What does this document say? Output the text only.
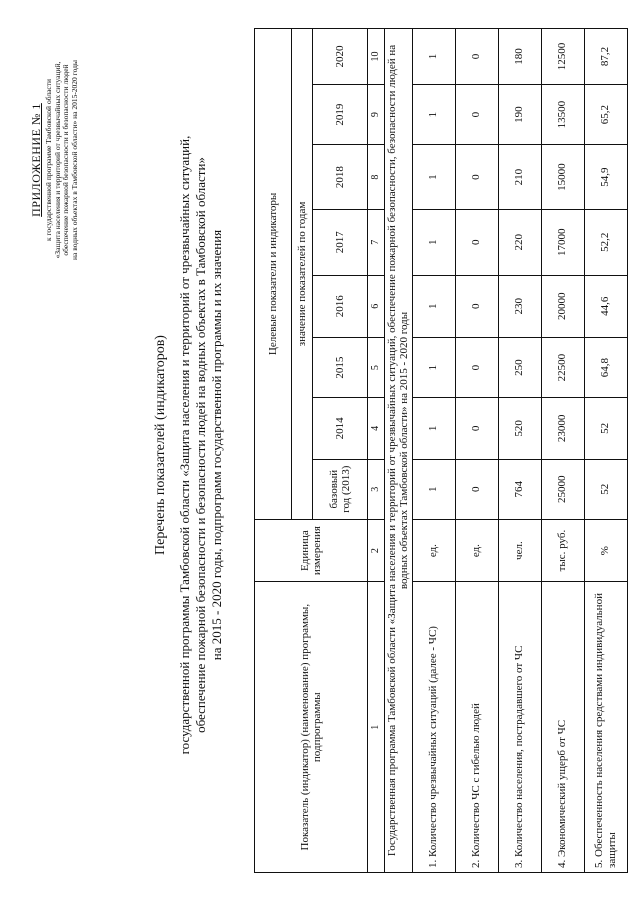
ПРИЛОЖЕНИЕ № 1 к государственной программе Тамбовской области «Защита населения и территорий от чрезвычайных ситуаций, обеспечение пожарной безопасности и безопасности людей на водных объектах в Тамбовской области» на 2015-2020 годы
Перечень показателей (индикаторов) государственной программы Тамбовской области «Защита населения и территорий от чрезвычайных ситуаций, обеспечение пожарной безопасности и безопасности людей на водных объектах в Тамбовской области» на 2015 - 2020 годы, подпрограмм государственной программы и их значения
Показатель (индикатор) (наименование) программы, подпрограммы	Единица измерения	Целевые показатели и индикаторы							
		значение показателей по годам							
		базовый год (2013)	2014	2015	2016	2017	2018	2019	2020
1	2	3	4	5	6	7	8	9	10
Государственная программа Тамбовской области «Защита населения и территорий от чрезвычайных ситуаций, обеспечение пожарной безопасности, безопасности людей на водных объектах Тамбовской области» на 2015 - 2020 годы									
1. Количество чрезвычайных ситуаций (далее - ЧС)	ед.	1	1	1	1	1	1	1	1
2. Количество ЧС с гибелью людей	ед.	0	0	0	0	0	0	0	0
3. Количество населения, пострадавшего от ЧС	чел.	764	520	250	230	220	210	190	180
4. Экономический ущерб от ЧС	тыс. руб.	25000	23000	22500	20000	17000	15000	13500	12500
5. Обеспеченность населения средствами индивидуальной защиты	%	52	52	64,8	44,6	52,2	54,9	65,2	87,2
